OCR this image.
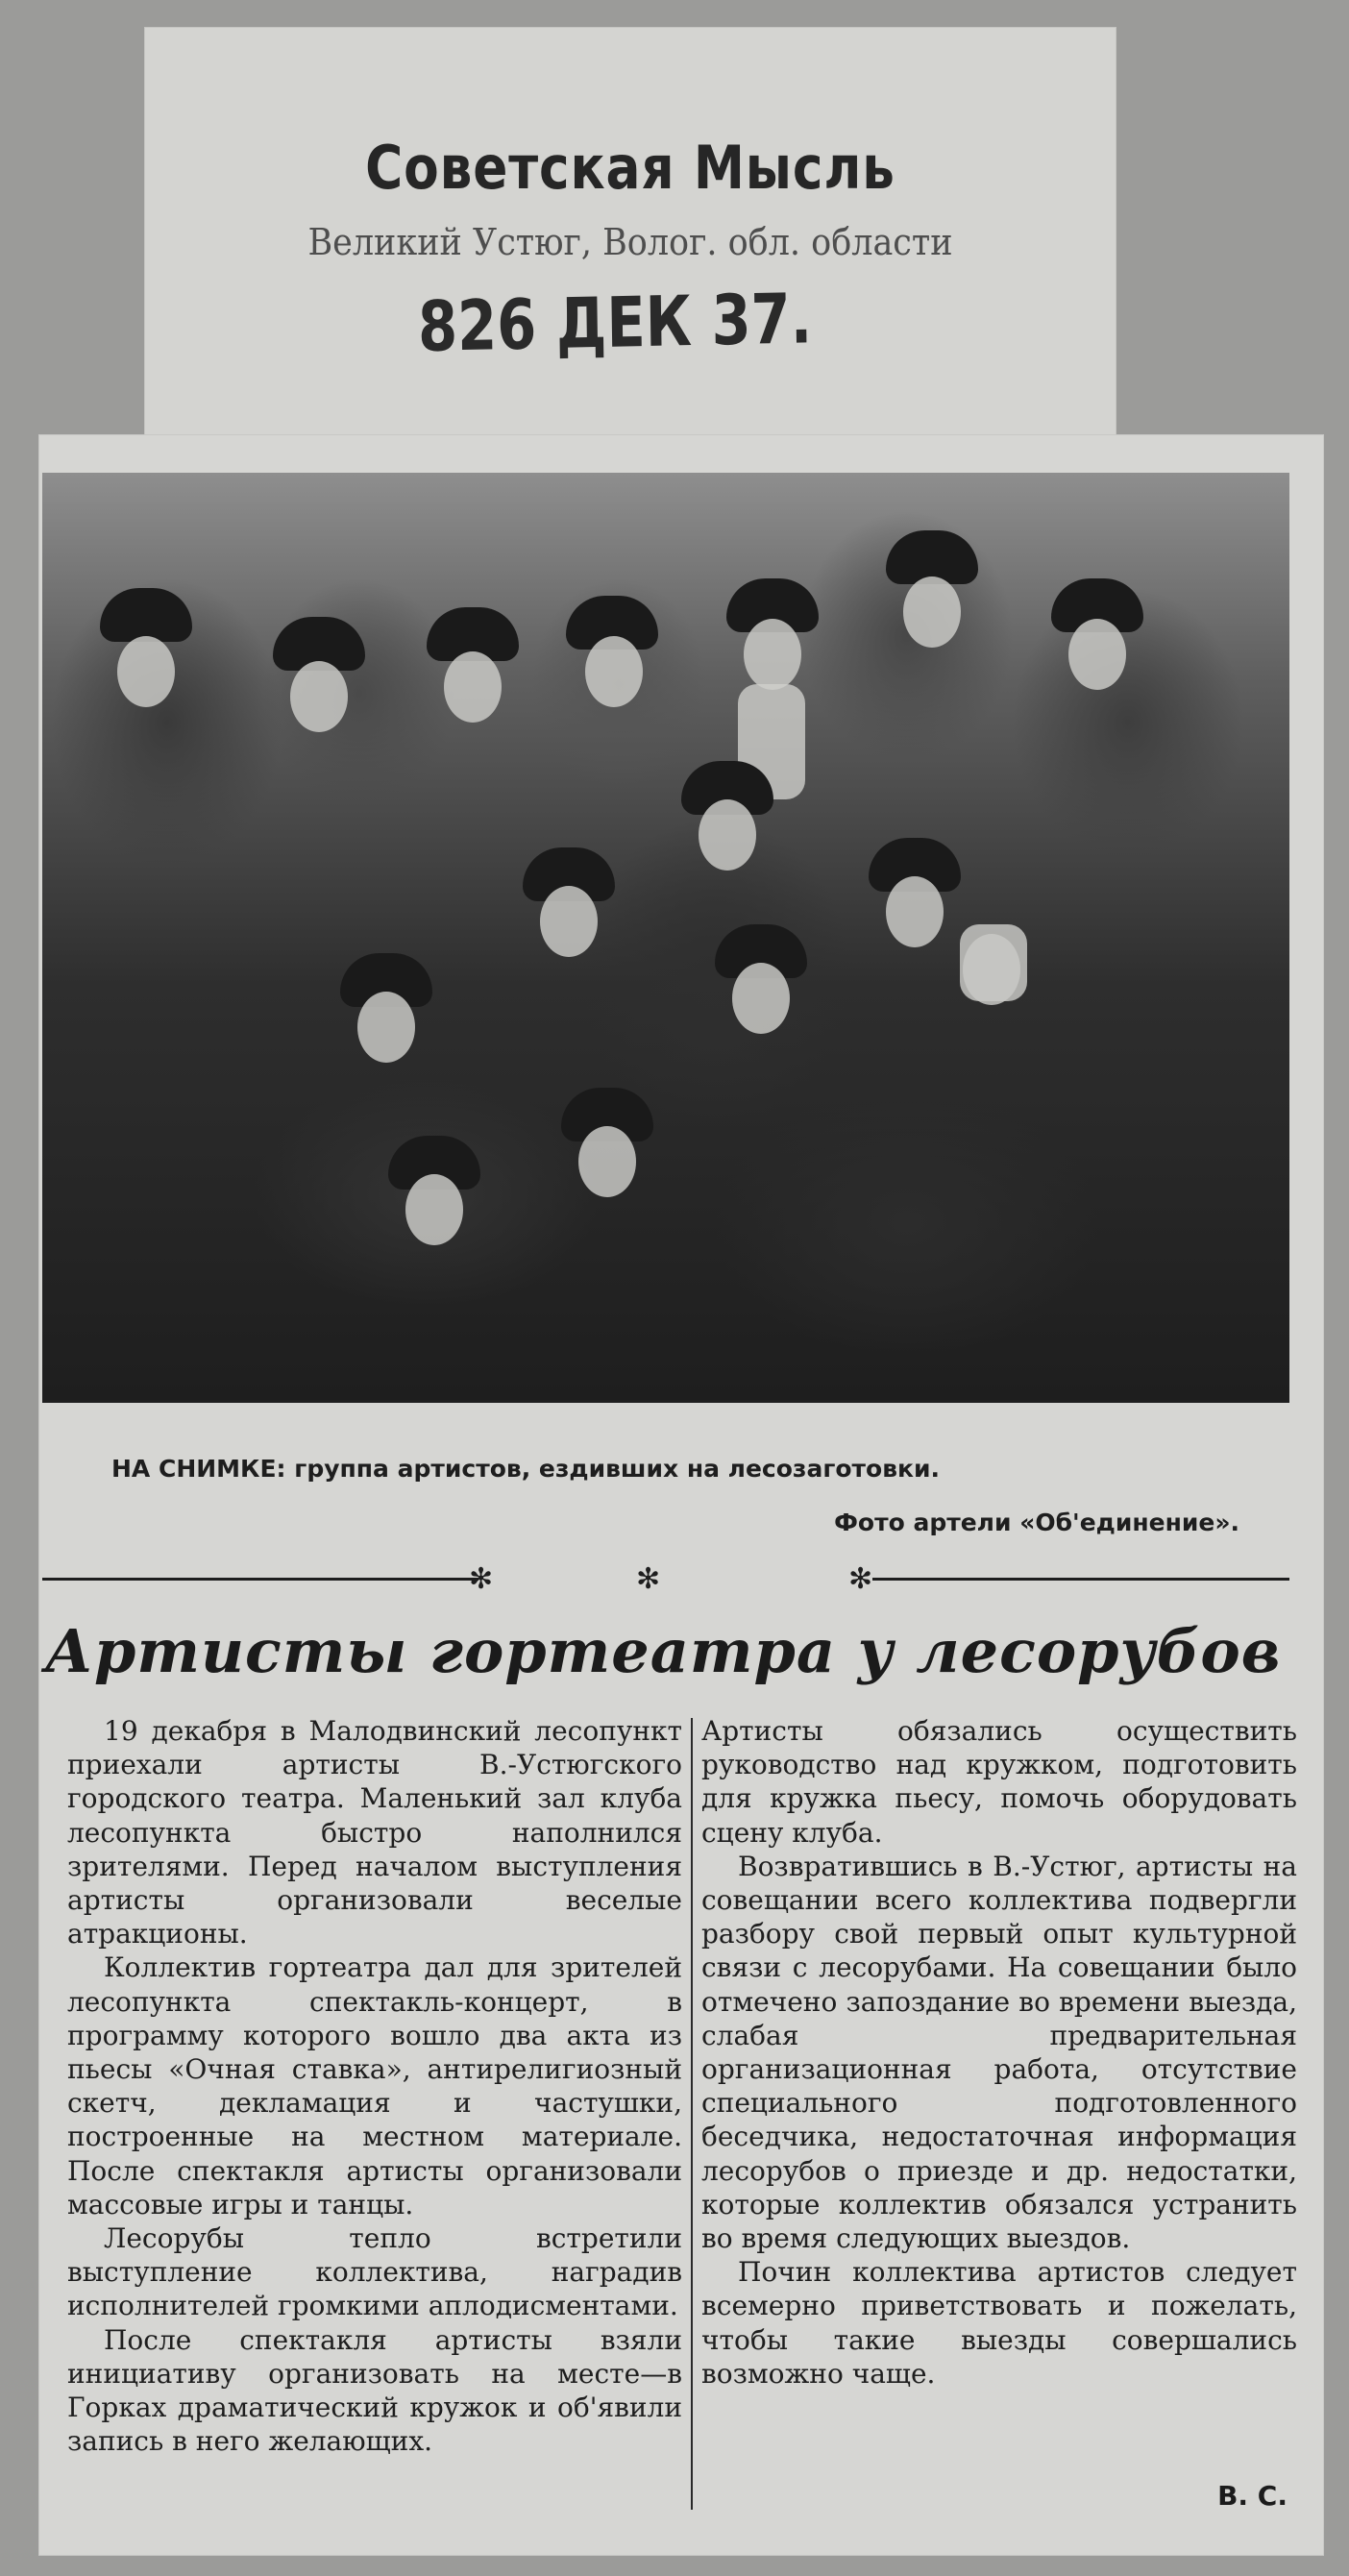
Советская Мысль
Великий Устюг, Волог. обл. области
826 ДЕК 37.
НА СНИМКЕ: группа артистов, ездивших на лесозаготовки.
Фото артели «Об'единение».
✻	✻	✻
Артисты гортеатра у лесорубов

19 декабря в Малодвинский лесопункт приехали артисты В.-Устюгского городского театра. Маленький зал клуба лесопункта быстро наполнился зрителями. Перед началом выступления артисты организовали веселые атракционы.

Коллектив гортеатра дал для зрителей лесопункта спектакль-концерт, в программу которого вошло два акта из пьесы «Очная ставка», антирелигиозный скетч, декламация и частушки, построенные на местном материале. После спектакля артисты организовали массовые игры и танцы.

Лесорубы тепло встретили выступление коллектива, наградив исполнителей громкими аплодисментами.

После спектакля артисты взяли инициативу организовать на месте—в Горках драматический кружок и об'явили запись в него желающих.

Артисты обязались осуществить руководство над кружком, подготовить для кружка пьесу, помочь оборудовать сцену клуба.

Возвратившись в В.-Устюг, артисты на совещании всего коллектива подвергли разбору свой первый опыт культурной связи с лесорубами. На совещании было отмечено запоздание во времени выезда, слабая предварительная организационная работа, отсутствие специального подготовленного беседчика, недостаточная информация лесорубов о приезде и др. недостатки, которые коллектив обязался устранить во время следующих выездов.

Почин коллектива артистов следует всемерно приветствовать и пожелать, чтобы такие выезды совершались возможно чаще.

В. С.
